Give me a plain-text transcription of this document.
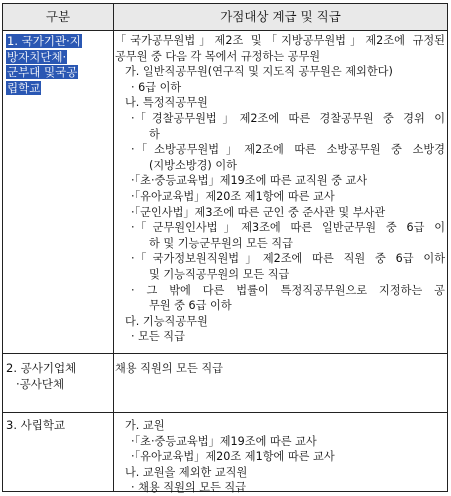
구분	가점대상 계급 및 직급
1. 국가기관·지
방자치단체·
군부대 및국공
립학교
「국가공무원법」제2조 및「지방공무원법」제2조에 규정된
공무원 중 다음 각 목에서 규정하는 공무원
가. 일반직공무원(연구직 및 지도직 공무원은 제외한다)
· 6급 이하
나. 특정직공무원
·「경찰공무원법」제2조에 따른 경찰공무원 중 경위 이
하
·「소방공무원법」제2조에 따른 소방공무원 중 소방경
(지방소방경) 이하
·「초·중등교육법」제19조에 따른 교직원 중 교사
·「유아교육법」제20조 제1항에 따른 교사
·「군인사법」제3조에 따른 군인 중 준사관 및 부사관
·「군무원인사법」제3조에 따른 일반군무원 중 6급 이
하 및 기능군무원의 모든 직급
·「국가정보원직원법」제2조에 따른 직원 중 6급 이하
및 기능직공무원의 모든 직급
· 그 밖에 다른 법률이 특정직공무원으로 지정하는 공
무원 중 6급 이하
다. 기능직공무원
· 모든 직급
2. 공사기업체
·공사단체
채용 직원의 모든 직급
3. 사립학교	가. 교원
·「초·중등교육법」제19조에 따른 교사
·「유아교육법」제20조 제1항에 따른 교사
나. 교원을 제외한 교직원
· 채용 직원의 모든 직급
